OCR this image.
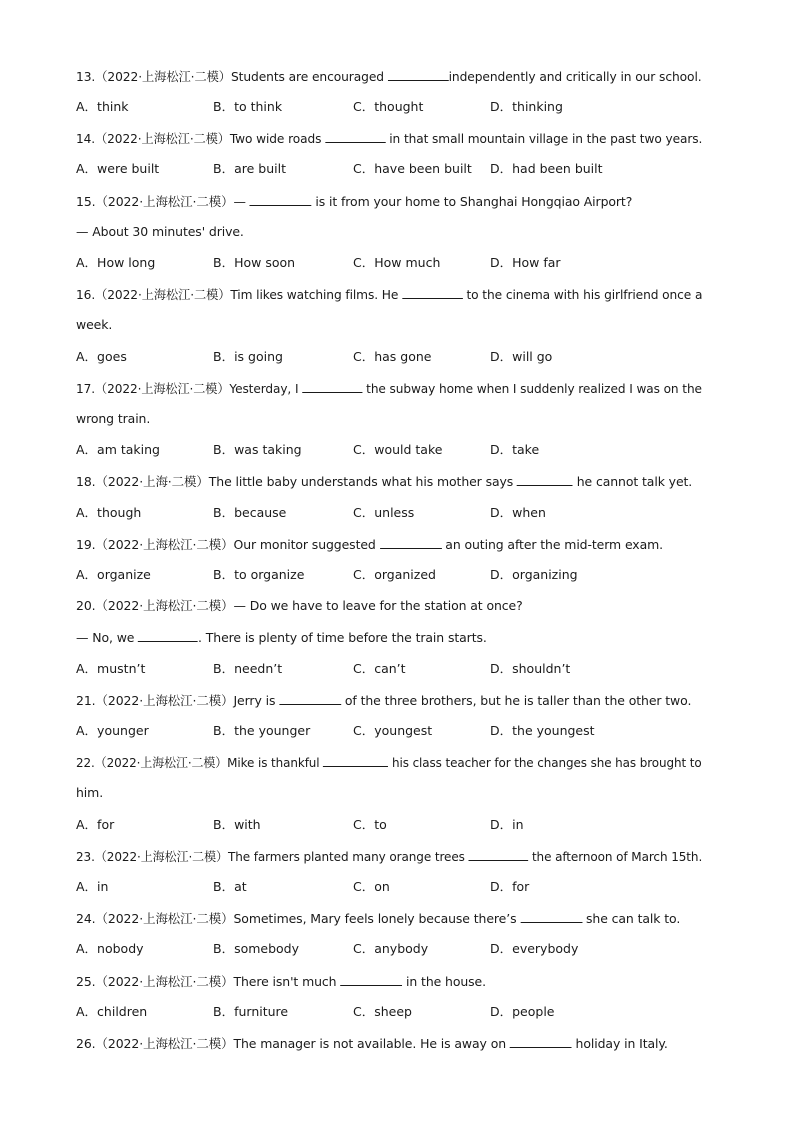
13.（2022·上海松江·二模）Students are encouraged	independently and critically in our school.
A．think	B．to think	C．thought	D．thinking
14.（2022·上海松江·二模）Two wide roads	in that small mountain village in the past two years.
A．were built	B．are built	C．have been built D．had been built
15.（2022·上海松江·二模）—	is it from your home to Shanghai Hongqiao Airport?
— About 30 minutes' drive.
A．How long	B．How soon	C．How much	D．How far
16.（2022·上海松江·二模）Tim likes watching films. He	to the cinema with his girlfriend once a
week.
A．goes	B．is going	C．has gone	D．will go
17.（2022·上海松江·二模）Yesterday, I	the subway home when I suddenly realized I was on the
wrong train.
A．am taking	B．was taking	C．would take	D．take
18.（2022·上海·二模）The little baby understands what his mother says	he cannot talk yet.
A．though	B．because	C．unless	D．when
19.（2022·上海松江·二模）Our monitor suggested	an outing after the mid-term exam.
A．organize	B．to organize	C．organized	D．organizing
20.（2022·上海松江·二模）— Do we have to leave for the station at once?
— No, we	. There is plenty of time before the train starts.
A．mustn’t	B．needn’t	C．can’t	D．shouldn’t
21.（2022·上海松江·二模）Jerry is	of the three brothers, but he is taller than the other two.
A．younger	B．the younger	C．youngest	D．the youngest
22.（2022·上海松江·二模）Mike is thankful	his class teacher for the changes she has brought to
him.
A．for	B．with	C．to	D．in
23.（2022·上海松江·二模）The farmers planted many orange trees	the afternoon of March 15th.
A．in	B．at	C．on	D．for
24.（2022·上海松江·二模）Sometimes, Mary feels lonely because there’s	she can talk to.
A．nobody	B．somebody	C．anybody	D．everybody
25.（2022·上海松江·二模）There isn't much	in the house.
A．children	B．furniture	C．sheep	D．people
26.（2022·上海松江·二模）The manager is not available. He is away on	holiday in Italy.
